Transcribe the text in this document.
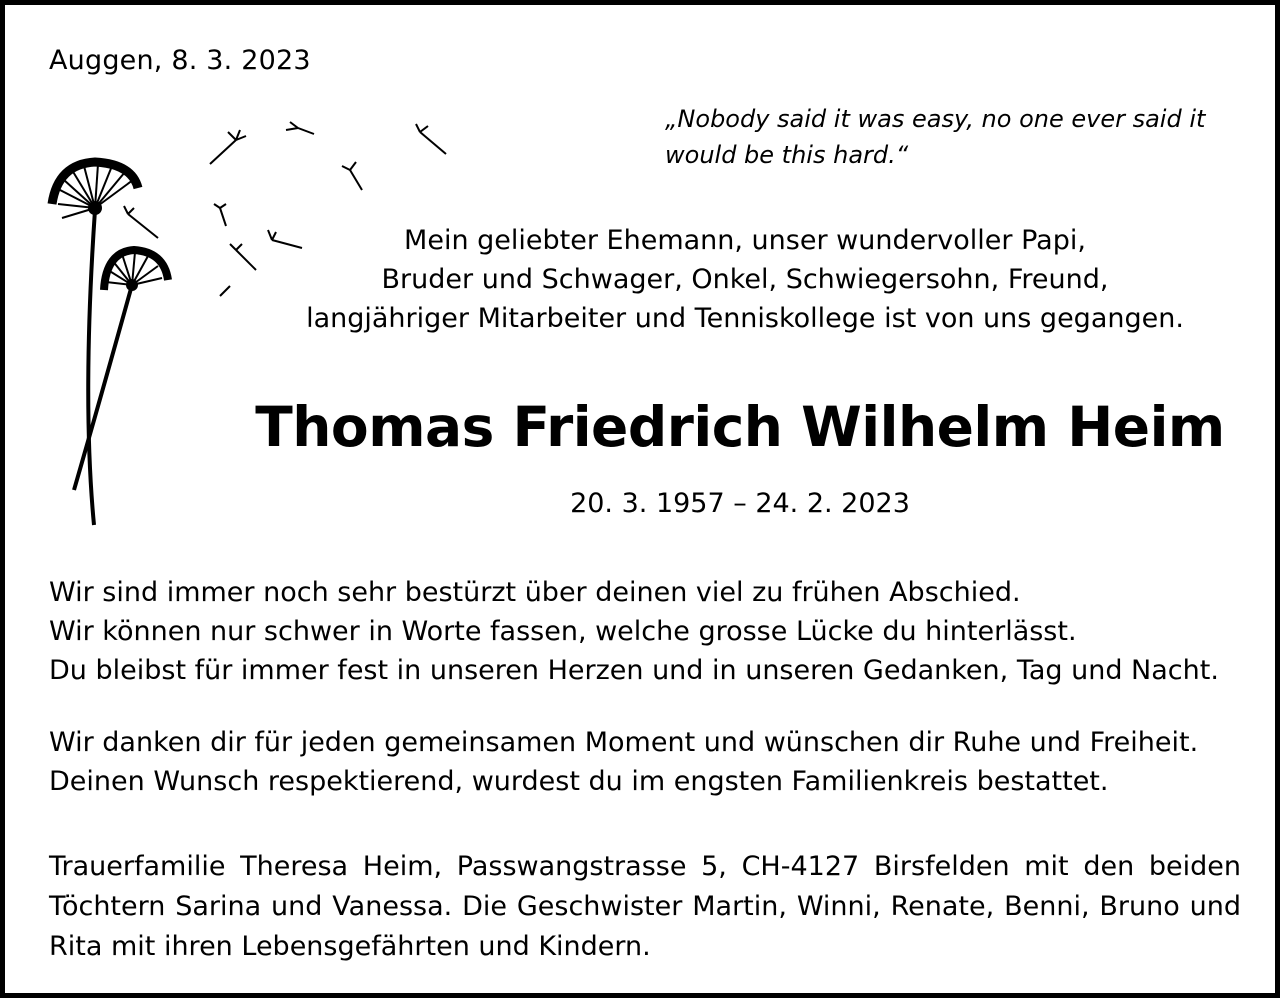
Auggen, 8. 3. 2023
„Nobody said it was easy, no one ever said it
would be this hard.“
Mein geliebter Ehemann, unser wundervoller Papi,
Bruder und Schwager, Onkel, Schwiegersohn, Freund,
langjähriger Mitarbeiter und Tenniskollege ist von uns gegangen.
Thomas Friedrich Wilhelm Heim
20. 3. 1957 – 24. 2. 2023
Wir sind immer noch sehr bestürzt über deinen viel zu frühen Abschied.
Wir können nur schwer in Worte fassen, welche grosse Lücke du hinterlässt.
Du bleibst für immer fest in unseren Herzen und in unseren Gedanken, Tag und Nacht.
Wir danken dir für jeden gemeinsamen Moment und wünschen dir Ruhe und Freiheit.
Deinen Wunsch respektierend, wurdest du im engsten Familienkreis bestattet.
Trauerfamilie Theresa Heim, Passwangstrasse 5, CH-4127 Birsfelden mit den beiden
Töchtern Sarina und Vanessa. Die Geschwister Martin, Winni, Renate, Benni, Bruno und
Rita mit ihren Lebensgefährten und Kindern.
